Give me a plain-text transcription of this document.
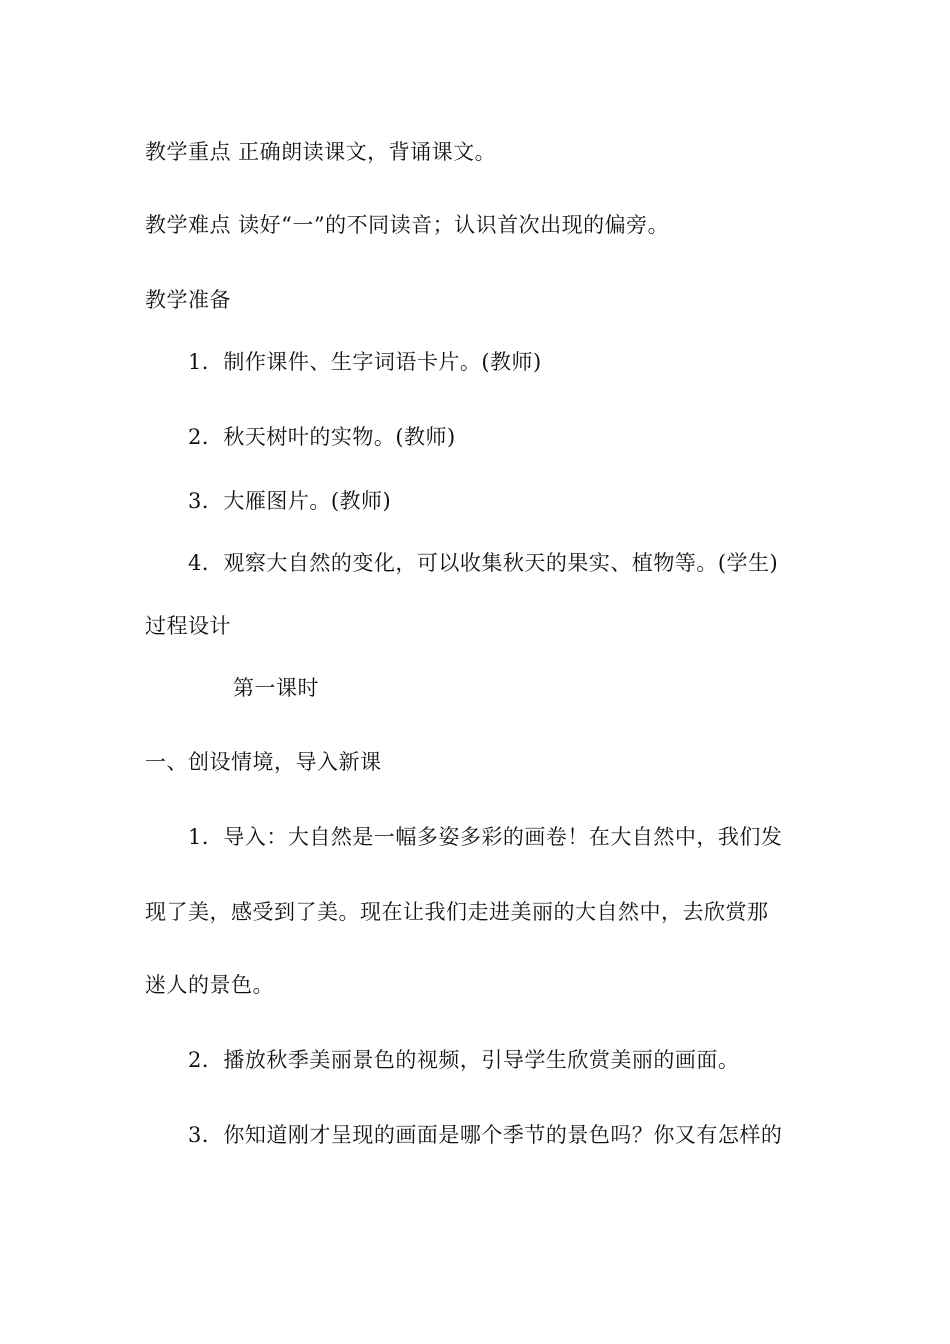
教学重点 正确朗读课文，背诵课文。
教学难点 读好“一”的不同读音；认识首次出现的偏旁。
教学准备
1．制作课件、生字词语卡片。(教师)
2．秋天树叶的实物。(教师)
3．大雁图片。(教师)
4．观察大自然的变化，可以收集秋天的果实、植物等。(学生)
过程设计
第一课时
一、创设情境，导入新课
1．导入：大自然是一幅多姿多彩的画卷！在大自然中，我们发
现了美，感受到了美。现在让我们走进美丽的大自然中，去欣赏那
迷人的景色。
2．播放秋季美丽景色的视频，引导学生欣赏美丽的画面。
3．你知道刚才呈现的画面是哪个季节的景色吗？你又有怎样的
